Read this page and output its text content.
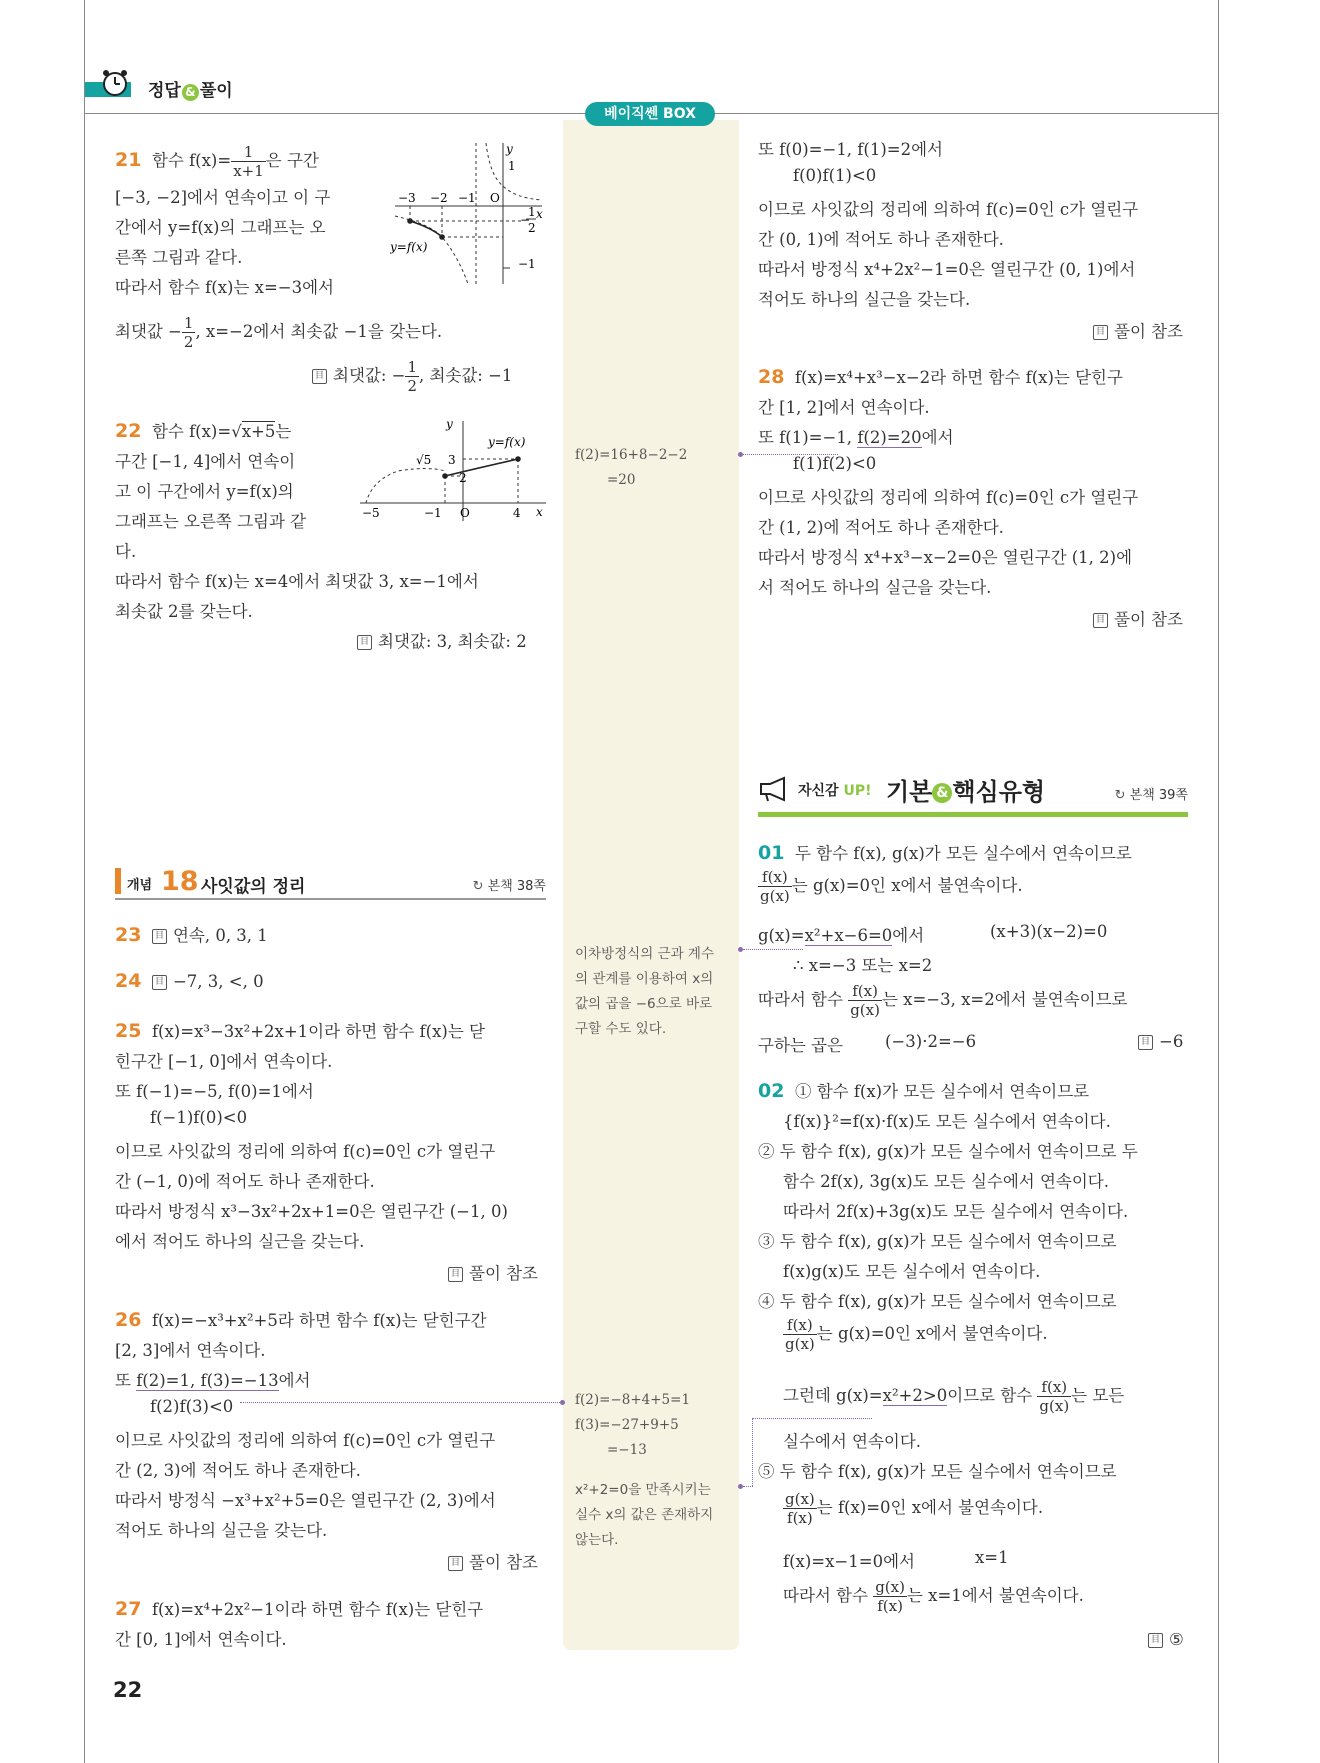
정답 & 풀이
베이직쎈 BOX
21 함수 $f(x)= \frac{1}{x+1}$ 은 구간
[−3, −2]에서 연속이고 이 구
간에서 y=f(x)의 그래프는 오
른쪽 그림과 같다.
따라서 함수 f(x)는 x=−3에서
최댓값 − $\frac{1}{2}$ , x=−2에서 최솟값 −1을 갖는다.
目 최댓값: − $\frac{1}{2}$ , 최솟값: −1
y
x
O
1
−3 −2 −1
1
−
2
−1
y=f(x)
22 함수 f(x)=√x+5는
구간 [−1, 4]에서 연속이
고 이 구간에서 y=f(x)의
그래프는 오른쪽 그림과 같
다.
따라서 함수 f(x)는 x=4에서 최댓값 3, x=−1에서
최솟값 2를 갖는다.
目 최댓값: 3, 최솟값: 2
y
x
O
√5 3
2
−5	−1	4
y=f(x)
개념 18 사잇값의 정리	↻ 본책 38쪽
23 目 연속, 0, 3, 1
24 目 −7, 3, <, 0
25 f(x)=x³−3x²+2x+1이라 하면 함수 f(x)는 닫
힌구간 [−1, 0]에서 연속이다.
또 f(−1)=−5, f(0)=1에서
f(−1)f(0)<0
이므로 사잇값의 정리에 의하여 f(c)=0인 c가 열린구
간 (−1, 0)에 적어도 하나 존재한다.
따라서 방정식 x³−3x²+2x+1=0은 열린구간 (−1, 0)
에서 적어도 하나의 실근을 갖는다.
目 풀이 참조
26 f(x)=−x³+x²+5라 하면 함수 f(x)는 닫힌구간
[2, 3]에서 연속이다.
또 f(2)=1, f(3)=−13에서
f(2)f(3)<0
이므로 사잇값의 정리에 의하여 f(c)=0인 c가 열린구
간 (2, 3)에 적어도 하나 존재한다.
따라서 방정식 −x³+x²+5=0은 열린구간 (2, 3)에서
적어도 하나의 실근을 갖는다.
目 풀이 참조
27 f(x)=x⁴+2x²−1이라 하면 함수 f(x)는 닫힌구
간 [0, 1]에서 연속이다.
22
f(2)=16+8−2−2
=20
이차방정식의 근과 계수
의 관계를 이용하여 x의
값의 곱을 −6으로 바로
구할 수도 있다.
f(2)=−8+4+5=1
f(3)=−27+9+5
=−13
x²+2=0을 만족시키는
실수 x의 값은 존재하지
않는다.
또 f(0)=−1, f(1)=2에서
f(0)f(1)<0
이므로 사잇값의 정리에 의하여 f(c)=0인 c가 열린구
간 (0, 1)에 적어도 하나 존재한다.
따라서 방정식 x⁴+2x²−1=0은 열린구간 (0, 1)에서
적어도 하나의 실근을 갖는다.
目 풀이 참조
28 f(x)=x⁴+x³−x−2라 하면 함수 f(x)는 닫힌구
간 [1, 2]에서 연속이다.
또 f(1)=−1, f(2)=20에서
f(1)f(2)<0
이므로 사잇값의 정리에 의하여 f(c)=0인 c가 열린구
간 (1, 2)에 적어도 하나 존재한다.
따라서 방정식 x⁴+x³−x−2=0은 열린구간 (1, 2)에
서 적어도 하나의 실근을 갖는다.
目 풀이 참조
자신감 UP! 기본 & 핵심유형	↻ 본책 39쪽
01 두 함수 f(x), g(x)가 모든 실수에서 연속이므로
$\frac{f(x)}{g(x)}$ 는 g(x)=0인 x에서 불연속이다.
g(x)=x²+x−6=0에서	(x+3)(x−2)=0
∴ x=−3 또는 x=2
따라서 함수 $\frac{f(x)}{g(x)}$ 는 x=−3, x=2에서 불연속이므로
구하는 곱은	(−3)·2=−6	目 −6
02 ① 함수 f(x)가 모든 실수에서 연속이므로
{f(x)}²=f(x)·f(x)도 모든 실수에서 연속이다.
② 두 함수 f(x), g(x)가 모든 실수에서 연속이므로 두
함수 2f(x), 3g(x)도 모든 실수에서 연속이다.
따라서 2f(x)+3g(x)도 모든 실수에서 연속이다.
③ 두 함수 f(x), g(x)가 모든 실수에서 연속이므로
f(x)g(x)도 모든 실수에서 연속이다.
④ 두 함수 f(x), g(x)가 모든 실수에서 연속이므로
$\frac{f(x)}{g(x)}$ 는 g(x)=0인 x에서 불연속이다.
그런데 g(x)=x²+2>0이므로 함수 $\frac{f(x)}{g(x)}$ 는 모든
실수에서 연속이다.
⑤ 두 함수 f(x), g(x)가 모든 실수에서 연속이므로
$\frac{g(x)}{f(x)}$ 는 f(x)=0인 x에서 불연속이다.
f(x)=x−1=0에서	x=1
따라서 함수 $\frac{g(x)}{f(x)}$ 는 x=1에서 불연속이다.
目 ⑤
